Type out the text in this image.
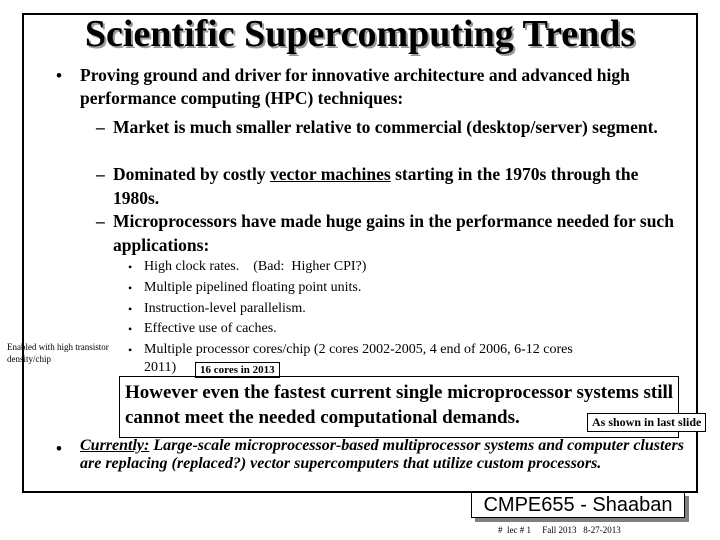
Scientific Supercomputing Trends
• Proving ground and driver for innovative architecture and advanced high performance computing (HPC) techniques:
– Market is much smaller relative to commercial (desktop/server) segment.
– Dominated by costly vector machines starting in the 1970s through the 1980s.
– Microprocessors have made huge gains in the performance needed for such applications:
• High clock rates.    (Bad:  Higher CPI?)
• Multiple pipelined floating point units.
• Instruction-level parallelism.
• Effective use of caches.
• Multiple processor cores/chip (2 cores 2002-2005, 4 end of 2006, 6-12 cores
2011)
Enabled with high transistor density/chip
16 cores in 2013
However even the fastest current single microprocessor systems still cannot meet the needed computational demands.	As shown in last slide
• Currently: Large-scale microprocessor-based multiprocessor systems and computer clusters are replacing (replaced?) vector supercomputers that utilize custom processors.
CMPE655 - Shaaban
#  lec # 1     Fall 2013   8-27-2013
